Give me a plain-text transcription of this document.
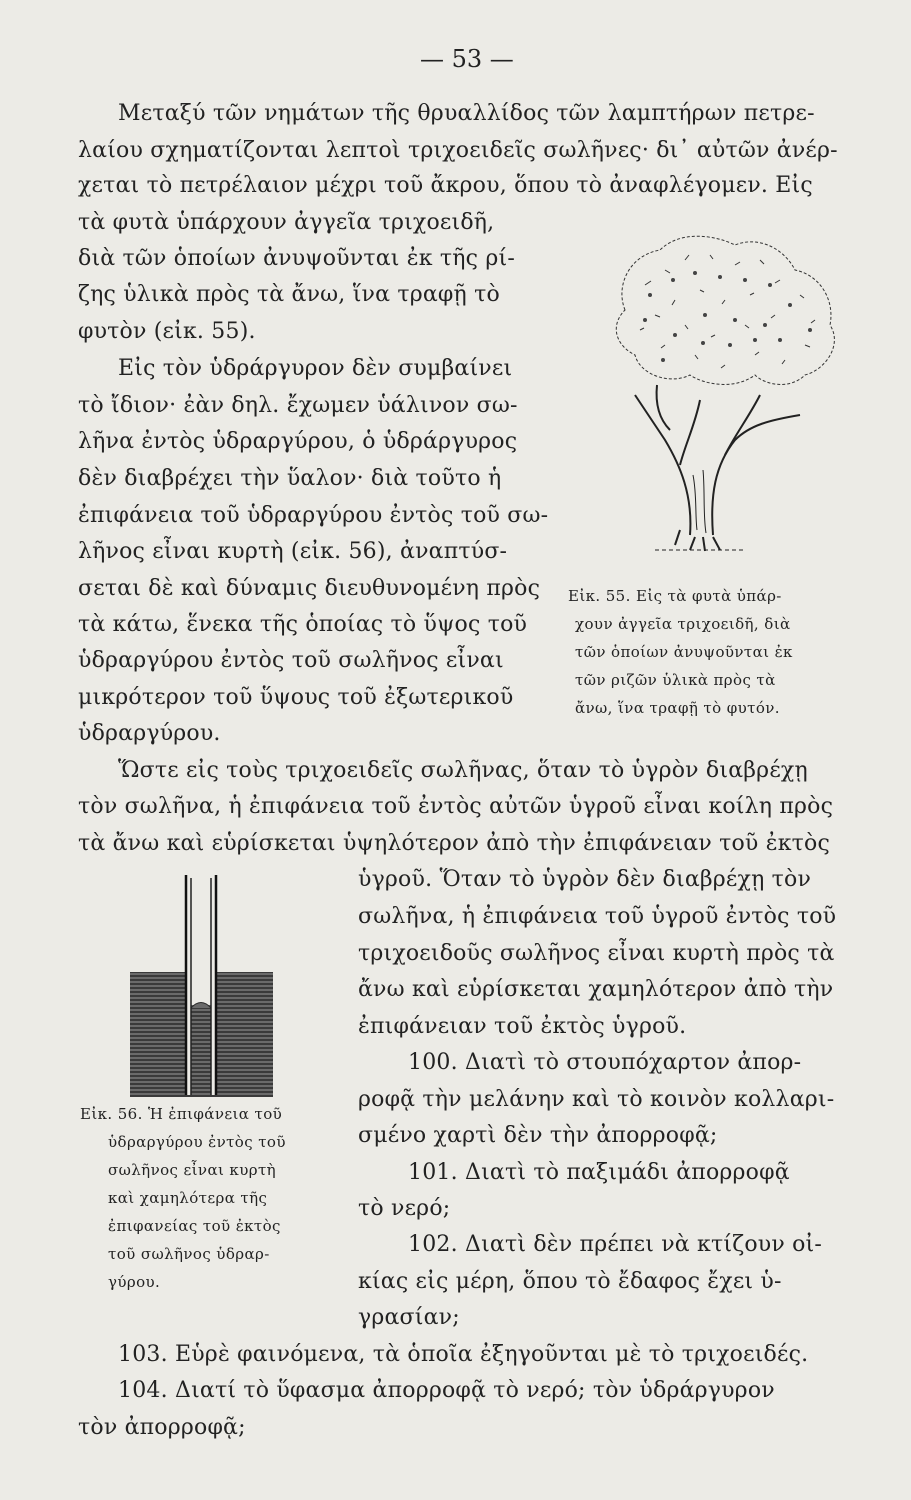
— 53 —
Μεταξύ τῶν νημάτων τῆς θρυαλλίδος τῶν λαμπτήρων πετρε-
λαίου σχηματίζονται λεπτοὶ τριχοειδεῖς σωλῆνες· δι᾽ αὐτῶν ἀνέρ-
χεται τὸ πετρέλαιον μέχρι τοῦ ἄκρου, ὅπου τὸ ἀναφλέγομεν. Εἰς
τὰ φυτὰ ὑπάρχουν ἀγγεῖα τριχοειδῆ,
διὰ τῶν ὁποίων ἀνυψοῦνται ἐκ τῆς ρί-
ζης ὑλικὰ πρὸς τὰ ἄνω, ἵνα τραφῇ τὸ
φυτὸν (εἰκ. 55).
Εἰς τὸν ὑδράργυρον δὲν συμβαίνει
τὸ ἴδιον· ἐὰν δηλ. ἔχωμεν ὑάλινον σω-
λῆνα ἐντὸς ὑδραργύρου, ὁ ὑδράργυρος
δὲν διαβρέχει τὴν ὕαλον· διὰ τοῦτο ἡ
ἐπιφάνεια τοῦ ὑδραργύρου ἐντὸς τοῦ σω-
λῆνος εἶναι κυρτὴ (εἰκ. 56), ἀναπτύσ-
σεται δὲ καὶ δύναμις διευθυνομένη πρὸς
τὰ κάτω, ἕνεκα τῆς ὁποίας τὸ ὕψος τοῦ
ὑδραργύρου ἐντὸς τοῦ σωλῆνος εἶναι
μικρότερον τοῦ ὕψους τοῦ ἐξωτερικοῦ
ὑδραργύρου.
Ὥστε εἰς τοὺς τριχοειδεῖς σωλῆνας, ὅταν τὸ ὑγρὸν διαβρέχῃ
τὸν σωλῆνα, ἡ ἐπιφάνεια τοῦ ἐντὸς αὐτῶν ὑγροῦ εἶναι κοίλη πρὸς
τὰ ἄνω καὶ εὑρίσκεται ὑψηλότερον ἀπὸ τὴν ἐπιφάνειαν τοῦ ἐκτὸς
ὑγροῦ. Ὅταν τὸ ὑγρὸν δὲν διαβρέχῃ τὸν
σωλῆνα, ἡ ἐπιφάνεια τοῦ ὑγροῦ ἐντὸς τοῦ
τριχοειδοῦς σωλῆνος εἶναι κυρτὴ πρὸς τὰ
ἄνω καὶ εὑρίσκεται χαμηλότερον ἀπὸ τὴν
ἐπιφάνειαν τοῦ ἐκτὸς ὑγροῦ.
100. Διατὶ τὸ στουπόχαρτον ἀπορ-
ροφᾷ τὴν μελάνην καὶ τὸ κοινὸν κολλαρι-
σμένο χαρτὶ δὲν τὴν ἀπορροφᾷ;
101. Διατὶ τὸ παξιμάδι ἀπορροφᾷ
τὸ νερό;
102. Διατὶ δὲν πρέπει νὰ κτίζουν οἰ-
κίας εἰς μέρη, ὅπου τὸ ἔδαφος ἔχει ὑ-
γρασίαν;
103. Εὑρὲ φαινόμενα, τὰ ὁποῖα ἐξηγοῦνται μὲ τὸ τριχοειδές.
104. Διατί τὸ ὕφασμα ἀπορροφᾷ τὸ νερό; τὸν ὑδράργυρον
τὸν ἀπορροφᾷ;
Εἰκ. 55. Εἰς τὰ φυτὰ ὑπάρ-
χουν ἀγγεῖα τριχοειδῆ, διὰ
τῶν ὁποίων ἀνυψοῦνται ἐκ
τῶν ριζῶν ὑλικὰ πρὸς τὰ
ἄνω, ἵνα τραφῇ τὸ φυτόν.
Εἰκ. 56. Ἡ ἐπιφάνεια τοῦ
ὑδραργύρου ἐντὸς τοῦ
σωλῆνος εἶναι κυρτὴ
καὶ χαμηλότερα τῆς
ἐπιφανείας τοῦ ἐκτὸς
τοῦ σωλῆνος ὑδραρ-
γύρου.
